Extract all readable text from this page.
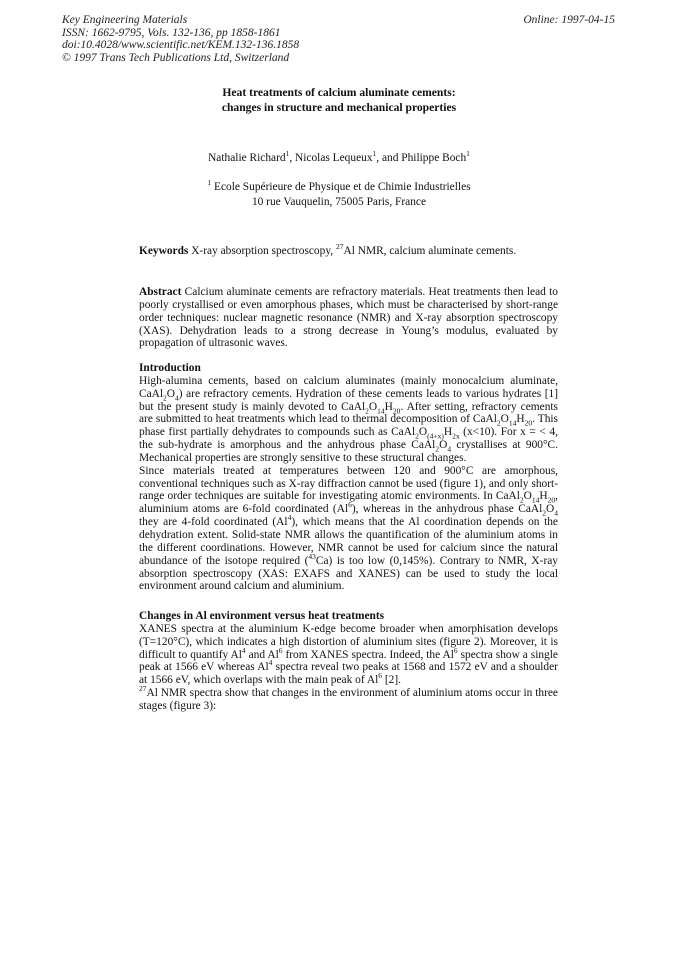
Key Engineering Materials
ISSN: 1662-9795, Vols. 132-136, pp 1858-1861
doi:10.4028/www.scientific.net/KEM.132-136.1858
© 1997 Trans Tech Publications Ltd, Switzerland
Online: 1997-04-15
Heat treatments of calcium aluminate cements:
changes in structure and mechanical properties
Nathalie Richard$^1$, Nicolas Lequeux$^1$, and Philippe Boch$^1$
$^1$ Ecole Supérieure de Physique et de Chimie Industrielles
10 rue Vauquelin, 75005 Paris, France
Keywords X-ray absorption spectroscopy, $^{27}$Al NMR, calcium aluminate cements.

Abstract Calcium aluminate cements are refractory materials. Heat treatments then lead to poorly crystallised or even amorphous phases, which must be characterised by short-range order techniques: nuclear magnetic resonance (NMR) and X-ray absorption spectroscopy (XAS). Dehydration leads to a strong decrease in Young’s modulus, evaluated by propagation of ultrasonic waves.

Introduction

High-alumina cements, based on calcium aluminates (mainly monocalcium aluminate, $CaAl_2O_4$) are refractory cements. Hydration of these cements leads to various hydrates [1] but the present study is mainly devoted to $CaAl_2O_{14}H_{20}$. After setting, refractory cements are submitted to heat treatments which lead to thermal decomposition of $CaAl_2O_{14}H_{20}$. This phase first partially dehydrates to compounds such as $CaAl_2O_{(4+x)}H_{2x}$ (x<10). For x = < 4, the sub-hydrate is amorphous and the anhydrous phase $CaAl_2O_4$ crystallises at 900°C. Mechanical properties are strongly sensitive to these structural changes.

Since materials treated at temperatures between 120 and 900°C are amorphous, conventional techniques such as X-ray diffraction cannot be used (figure 1), and only short-range order techniques are suitable for investigating atomic environments. In $CaAl_2O_{14}H_{20}$, aluminium atoms are 6-fold coordinated (Al$^6$), whereas in the anhydrous phase $CaAl_2O_4$ they are 4-fold coordinated (Al$^4$), which means that the Al coordination depends on the dehydration extent. Solid-state NMR allows the quantification of the aluminium atoms in the different coordinations. However, NMR cannot be used for calcium since the natural abundance of the isotope required ($^{43}$Ca) is too low (0,145%). Contrary to NMR, X-ray absorption spectroscopy (XAS: EXAFS and XANES) can be used to study the local environment around calcium and aluminium.

Changes in Al environment versus heat treatments

XANES spectra at the aluminium K-edge become broader when amorphisation develops (T=120°C), which indicates a high distortion of aluminium sites (figure 2). Moreover, it is difficult to quantify Al$^4$ and Al$^6$ from XANES spectra. Indeed, the Al$^6$ spectra show a single peak at 1566 eV whereas Al$^4$ spectra reveal two peaks at 1568 and 1572 eV and a shoulder at 1566 eV, which overlaps with the main peak of Al$^6$ [2].

$^{27}$Al NMR spectra show that changes in the environment of aluminium atoms occur in three stages (figure 3):
